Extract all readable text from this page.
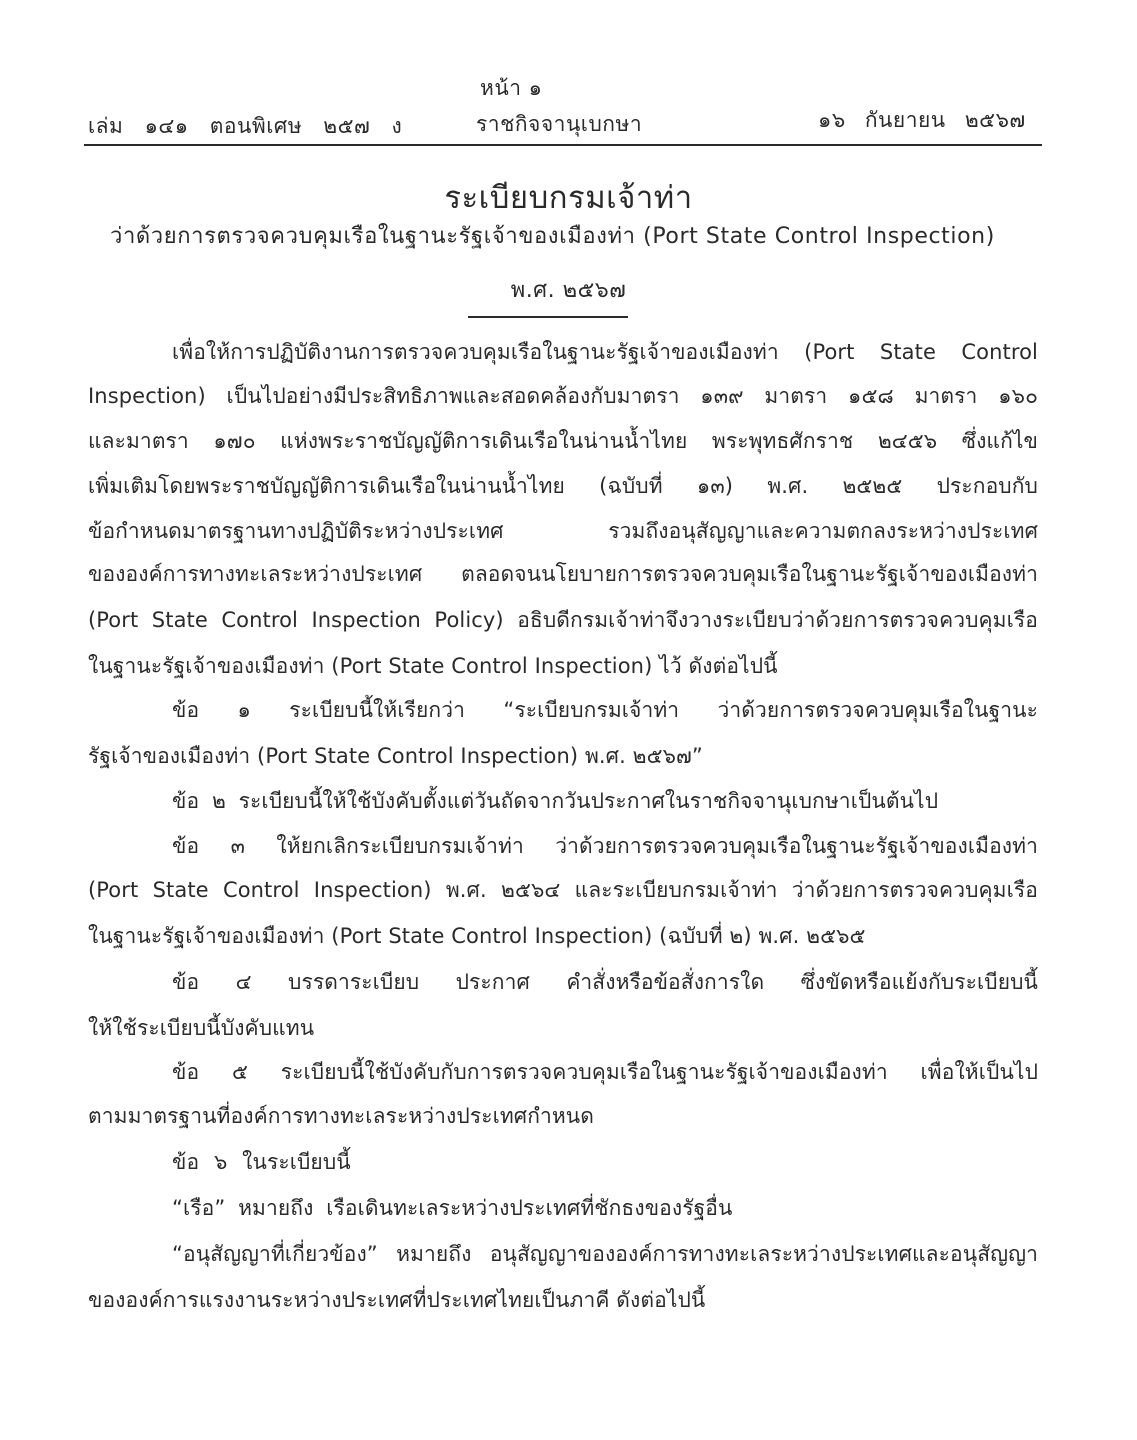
หน้า ๑
เล่ม ๑๔๑ ตอนพิเศษ ๒๕๗ ง	ราชกิจจานุเบกษา	๑๖ กันยายน ๒๕๖๗
ระเบียบกรมเจ้าท่า
ว่าด้วยการตรวจควบคุมเรือในฐานะรัฐเจ้าของเมืองท่า (Port State Control Inspection)
พ.ศ. ๒๕๖๗
เพื่อให้การปฏิบัติงานการตรวจควบคุมเรือในฐานะรัฐเจ้าของเมืองท่า (Port State Control
Inspection) เป็นไปอย่างมีประสิทธิภาพและสอดคล้องกับมาตรา ๑๓๙ มาตรา ๑๕๘ มาตรา ๑๖๐
และมาตรา ๑๗๐ แห่งพระราชบัญญัติการเดินเรือในน่านน้ำไทย พระพุทธศักราช ๒๔๕๖ ซึ่งแก้ไข
เพิ่มเติมโดยพระราชบัญญัติการเดินเรือในน่านน้ำไทย (ฉบับที่ ๑๓) พ.ศ. ๒๕๒๕ ประกอบกับ
ข้อกำหนดมาตรฐานทางปฏิบัติระหว่างประเทศ รวมถึงอนุสัญญาและความตกลงระหว่างประเทศ
ขององค์การทางทะเลระหว่างประเทศ ตลอดจนนโยบายการตรวจควบคุมเรือในฐานะรัฐเจ้าของเมืองท่า
(Port State Control Inspection Policy) อธิบดีกรมเจ้าท่าจึงวางระเบียบว่าด้วยการตรวจควบคุมเรือ
ในฐานะรัฐเจ้าของเมืองท่า (Port State Control Inspection) ไว้ ดังต่อไปนี้
ข้อ ๑ ระเบียบนี้ให้เรียกว่า “ระเบียบกรมเจ้าท่า ว่าด้วยการตรวจควบคุมเรือในฐานะ
รัฐเจ้าของเมืองท่า (Port State Control Inspection) พ.ศ. ๒๕๖๗”
ข้อ ๒ ระเบียบนี้ให้ใช้บังคับตั้งแต่วันถัดจากวันประกาศในราชกิจจานุเบกษาเป็นต้นไป
ข้อ ๓ ให้ยกเลิกระเบียบกรมเจ้าท่า ว่าด้วยการตรวจควบคุมเรือในฐานะรัฐเจ้าของเมืองท่า
(Port State Control Inspection) พ.ศ. ๒๕๖๔ และระเบียบกรมเจ้าท่า ว่าด้วยการตรวจควบคุมเรือ
ในฐานะรัฐเจ้าของเมืองท่า (Port State Control Inspection) (ฉบับที่ ๒) พ.ศ. ๒๕๖๕
ข้อ ๔ บรรดาระเบียบ ประกาศ คำสั่งหรือข้อสั่งการใด ซึ่งขัดหรือแย้งกับระเบียบนี้
ให้ใช้ระเบียบนี้บังคับแทน
ข้อ ๕ ระเบียบนี้ใช้บังคับกับการตรวจควบคุมเรือในฐานะรัฐเจ้าของเมืองท่า เพื่อให้เป็นไป
ตามมาตรฐานที่องค์การทางทะเลระหว่างประเทศกำหนด
ข้อ ๖ ในระเบียบนี้
“เรือ” หมายถึง เรือเดินทะเลระหว่างประเทศที่ชักธงของรัฐอื่น
“อนุสัญญาที่เกี่ยวข้อง” หมายถึง อนุสัญญาขององค์การทางทะเลระหว่างประเทศและอนุสัญญา
ขององค์การแรงงานระหว่างประเทศที่ประเทศไทยเป็นภาคี ดังต่อไปนี้
